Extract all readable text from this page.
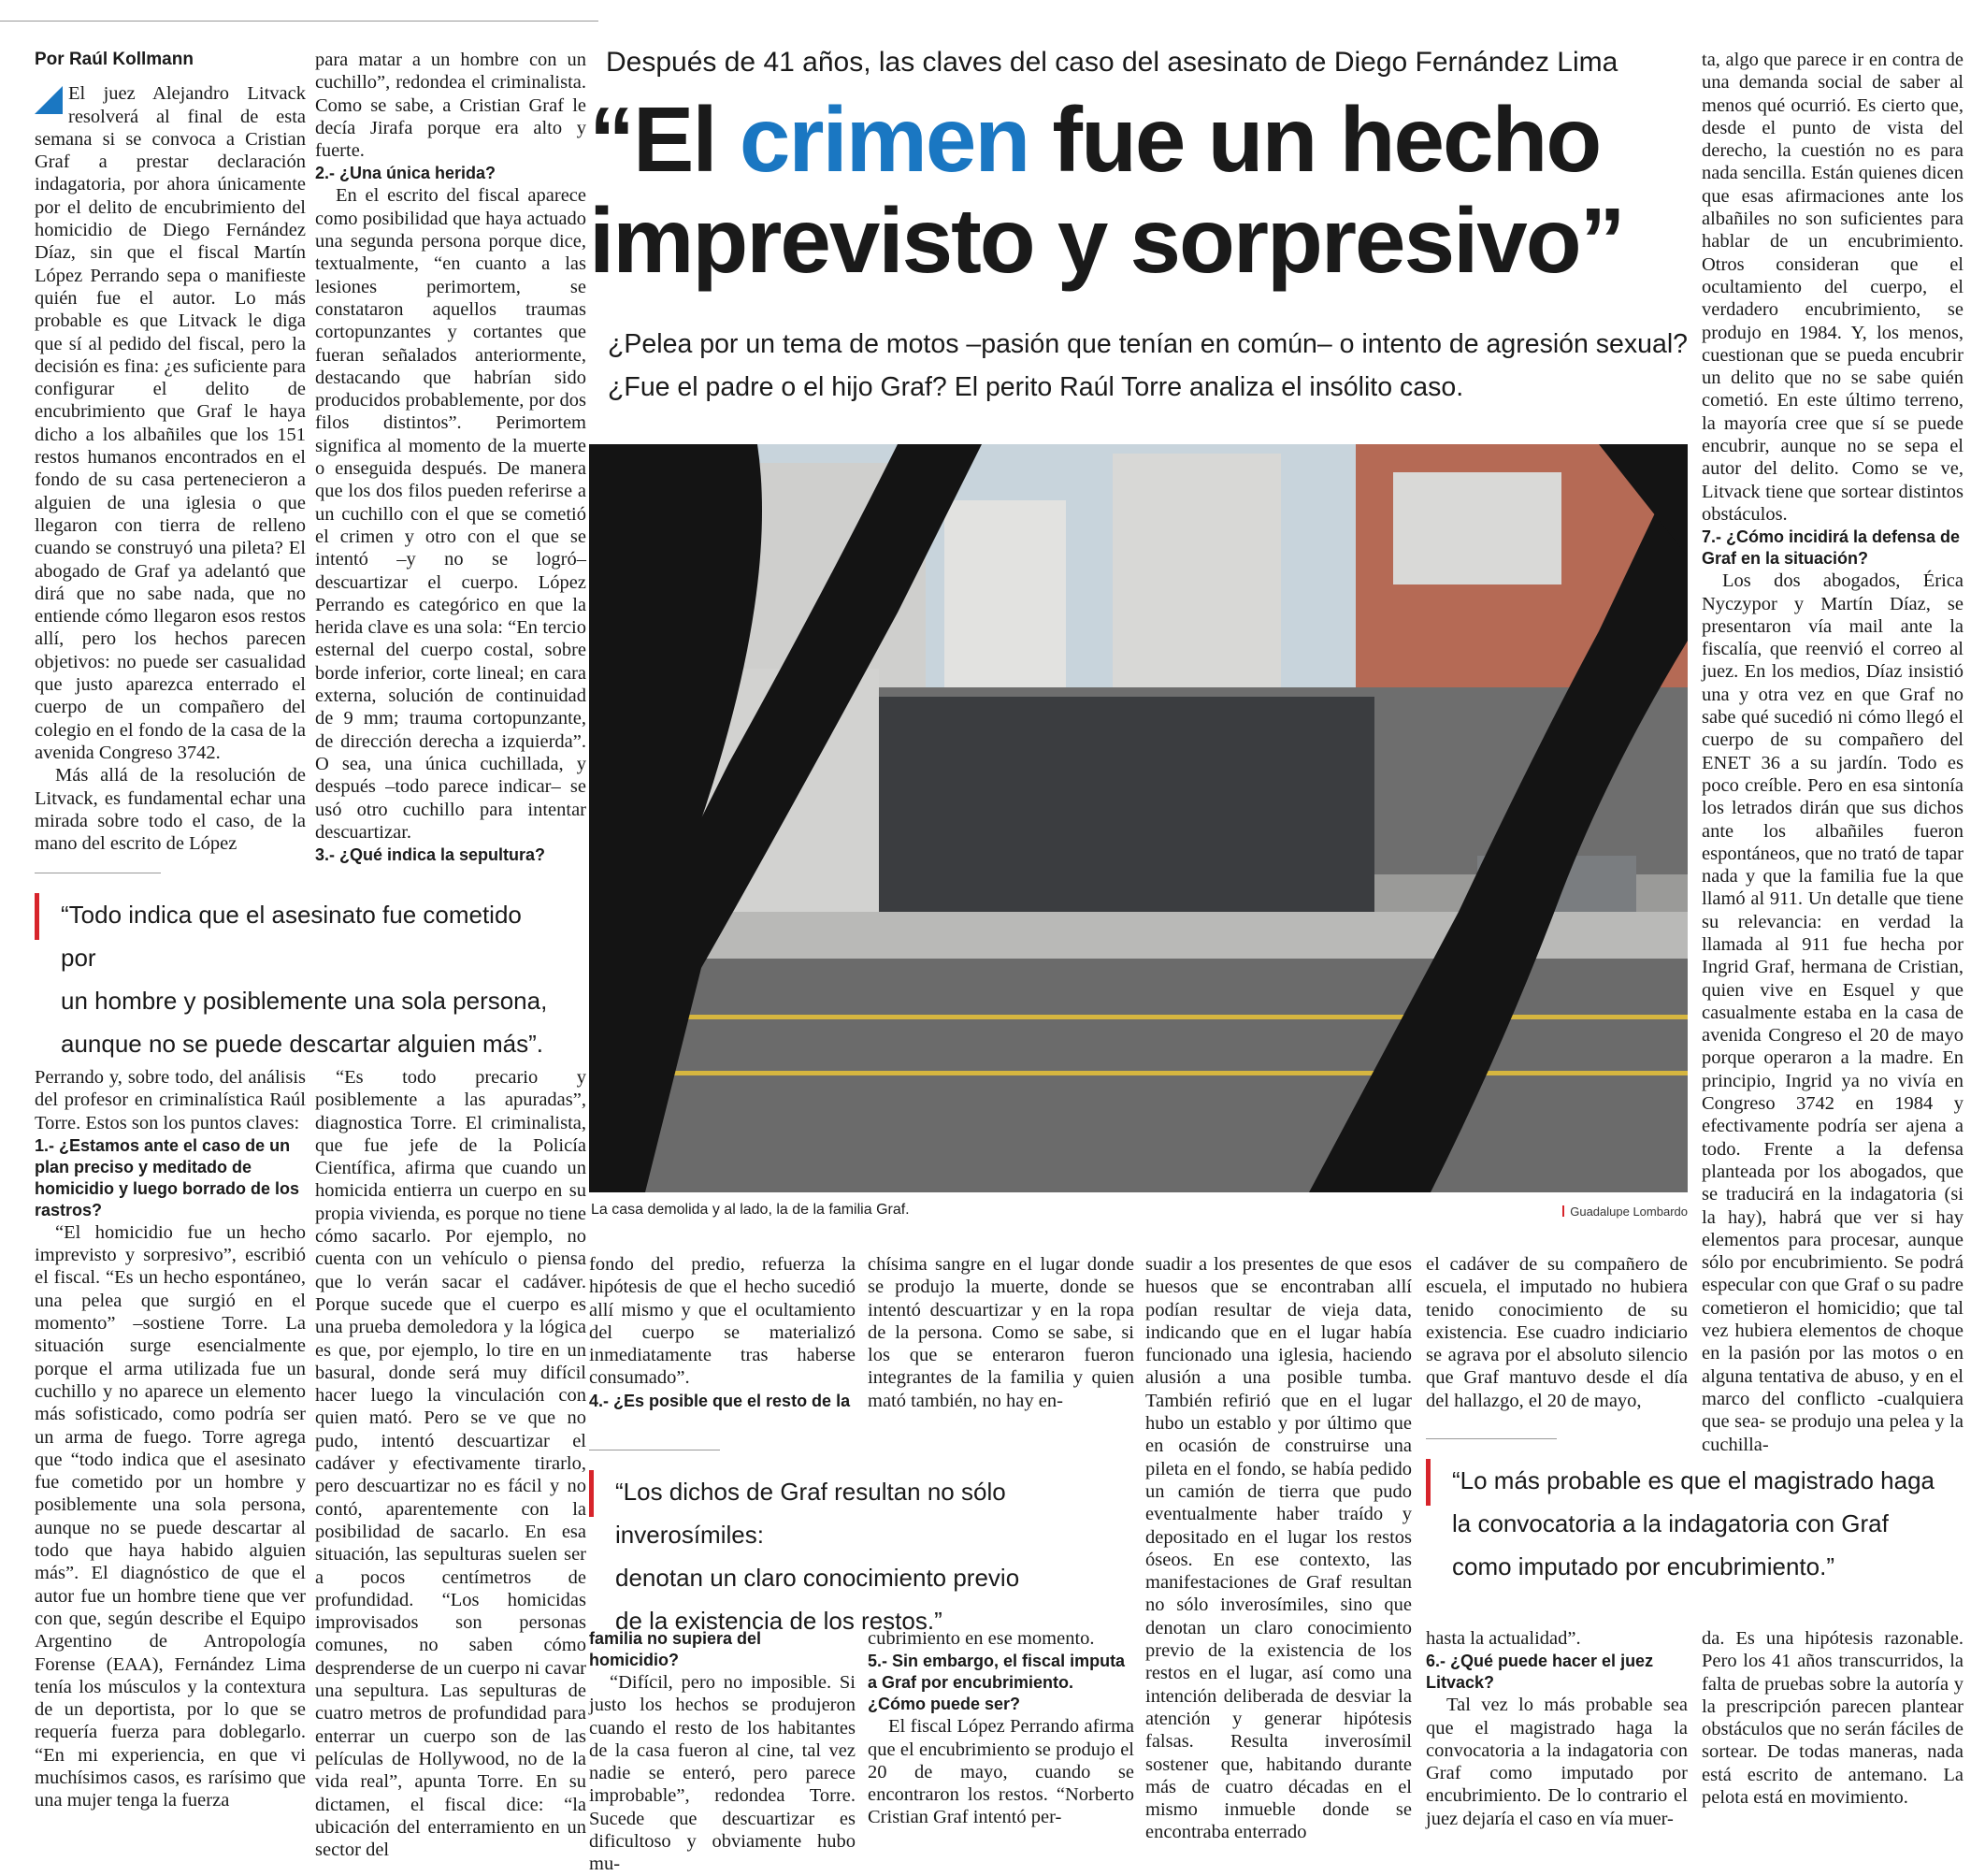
Por Raúl Kollmann

El juez Alejandro Litvack resolverá al final de esta semana si se convoca a Cristian Graf a prestar declaración indagatoria, por ahora únicamente por el delito de encubrimiento del homicidio de Diego Fernández Díaz, sin que el fiscal Martín López Perrando sepa o manifieste quién fue el autor. Lo más probable es que Litvack le diga que sí al pedido del fiscal, pero la decisión es fina: ¿es suficiente para configurar el delito de encubrimiento que Graf le haya dicho a los albañiles que los 151 restos humanos encontrados en el fondo de su casa pertenecieron a alguien de una iglesia o que llegaron con tierra de relleno cuando se construyó una pileta? El abogado de Graf ya adelantó que dirá que no sabe nada, que no entiende cómo llegaron esos restos allí, pero los hechos parecen objetivos: no puede ser casualidad que justo aparezca enterrado el cuerpo de un compañero del colegio en el fondo de la casa de la avenida Congreso 3742.

Más allá de la resolución de Litvack, es fundamental echar una mirada sobre todo el caso, de la mano del escrito de López

para matar a un hombre con un cuchillo”, redondea el criminalista. Como se sabe, a Cristian Graf le decía Jirafa porque era alto y fuerte.

2.- ¿Una única herida?

En el escrito del fiscal aparece como posibilidad que haya actuado una segunda persona porque dice, textualmente, “en cuanto a las lesiones perimortem, se constataron aquellos traumas cortopunzantes y cortantes que fueran señalados anteriormente, destacando que habrían sido producidos probablemente, por dos filos distintos”. Perimortem significa al momento de la muerte o enseguida después. De manera que los dos filos pueden referirse a un cuchillo con el que se cometió el crimen y otro con el que se intentó –y no se logró– descuartizar el cuerpo. López Perrando es categórico en que la herida clave es una sola: “En tercio esternal del cuerpo costal, sobre borde inferior, corte lineal; en cara externa, solución de continuidad de 9 mm; trauma cortopunzante, de dirección derecha a izquierda”. O sea, una única cuchillada, y después –todo parece indicar– se usó otro cuchillo para intentar descuartizar.

3.- ¿Qué indica la sepultura?
Después de 41 años, las claves del caso del asesinato de Diego Fernández Lima
“El crimen fue un hecho
imprevisto y sorpresivo”
¿Pelea por un tema de motos –pasión que tenían en común– o intento de agresión sexual?
¿Fue el padre o el hijo Graf? El perito Raúl Torre analiza el insólito caso.
La casa demolida y al lado, la de la familia Graf.	Guadalupe Lombardo
“Todo indica que el asesinato fue cometido por
un hombre y posiblemente una sola persona,
aunque no se puede descartar alguien más”.

Perrando y, sobre todo, del análisis del profesor en criminalística Raúl Torre. Estos son los puntos claves:

1.- ¿Estamos ante el caso de un plan preciso y meditado de homicidio y luego borrado de los rastros?

“El homicidio fue un hecho imprevisto y sorpresivo”, escribió el fiscal. “Es un hecho espontáneo, una pelea que surgió en el momento” –sostiene Torre. La situación surge esencialmente porque el arma utilizada fue un cuchillo y no aparece un elemento más sofisticado, como podría ser un arma de fuego. Torre agrega que “todo indica que el asesinato fue cometido por un hombre y posiblemente una sola persona, aunque no se puede descartar al todo que haya habido alguien más”. El diagnóstico de que el autor fue un hombre tiene que ver con que, según describe el Equipo Argentino de Antropología Forense (EAA), Fernández Lima tenía los músculos y la contextura de un deportista, por lo que se requería fuerza para doblegarlo. “En mi experiencia, en que vi muchísimos casos, es rarísimo que una mujer tenga la fuerza

“Es todo precario y posiblemente a las apuradas”, diagnostica Torre. El criminalista, que fue jefe de la Policía Científica, afirma que cuando un homicida entierra un cuerpo en su propia vivienda, es porque no tiene cómo sacarlo. Por ejemplo, no cuenta con un vehículo o piensa que lo verán sacar el cadáver. Porque sucede que el cuerpo es una prueba demoledora y la lógica es que, por ejemplo, lo tire en un basural, donde será muy difícil hacer luego la vinculación con quien mató. Pero se ve que no pudo, intentó descuartizar el cadáver y efectivamente tirarlo, pero descuartizar no es fácil y no contó, aparentemente con la posibilidad de sacarlo. En esa situación, las sepulturas suelen ser a pocos centímetros de profundidad. “Los homicidas improvisados son personas comunes, no saben cómo desprenderse de un cuerpo ni cavar una sepultura. Las sepulturas de cuatro metros de profundidad para enterrar un cuerpo son de las películas de Hollywood, no de la vida real”, apunta Torre. En su dictamen, el fiscal dice: “la ubicación del enterramiento en un sector del

fondo del predio, refuerza la hipótesis de que el hecho sucedió allí mismo y que el ocultamiento del cuerpo se materializó inmediatamente tras haberse consumado”.

4.- ¿Es posible que el resto de la

chísima sangre en el lugar donde se produjo la muerte, donde se intentó descuartizar y en la ropa de la persona. Como se sabe, si los que se enteraron fueron integrantes de la familia y quien mató también, no hay en-

“Los dichos de Graf resultan no sólo inverosímiles:
denotan un claro conocimiento previo
de la existencia de los restos.”
familia no supiera del homicidio?

“Difícil, pero no imposible. Si justo los hechos se produjeron cuando el resto de los habitantes de la casa fueron al cine, tal vez nadie se enteró, pero parece improbable”, redondea Torre. Sucede que descuartizar es dificultoso y obviamente hubo mu-

cubrimiento en ese momento.

5.- Sin embargo, el fiscal imputa a Graf por encubrimiento. ¿Cómo puede ser?

El fiscal López Perrando afirma que el encubrimiento se produjo el 20 de mayo, cuando se encontraron los restos. “Norberto Cristian Graf intentó per-

suadir a los presentes de que esos huesos que se encontraban allí podían resultar de vieja data, indicando que en el lugar había funcionado una iglesia, haciendo alusión a una posible tumba. También refirió que en el lugar hubo un establo y por último que en ocasión de construirse una pileta en el fondo, se había pedido un camión de tierra que pudo eventualmente haber traído y depositado en el lugar los restos óseos. En ese contexto, las manifestaciones de Graf resultan no sólo inverosímiles, sino que denotan un claro conocimiento previo de la existencia de los restos en el lugar, así como una intención deliberada de desviar la atención y generar hipótesis falsas. Resulta inverosímil sostener que, habitando durante más de cuatro décadas en el mismo inmueble donde se encontraba enterrado

el cadáver de su compañero de escuela, el imputado no hubiera tenido conocimiento de su existencia. Ese cuadro indiciario se agrava por el absoluto silencio que Graf mantuvo desde el día del hallazgo, el 20 de mayo,

“Lo más probable es que el magistrado haga
la convocatoria a la indagatoria con Graf
como imputado por encubrimiento.”

hasta la actualidad”.

6.- ¿Qué puede hacer el juez Litvack?

Tal vez lo más probable sea que el magistrado haga la convocatoria a la indagatoria con Graf como imputado por encubrimiento. De lo contrario el juez dejaría el caso en vía muer-

ta, algo que parece ir en contra de una demanda social de saber al menos qué ocurrió. Es cierto que, desde el punto de vista del derecho, la cuestión no es para nada sencilla. Están quienes dicen que esas afirmaciones ante los albañiles no son suficientes para hablar de un encubrimiento. Otros consideran que el ocultamiento del cuerpo, el verdadero encubrimiento, se produjo en 1984. Y, los menos, cuestionan que se pueda encubrir un delito que no se sabe quién cometió. En este último terreno, la mayoría cree que sí se puede encubrir, aunque no se sepa el autor del delito. Como se ve, Litvack tiene que sortear distintos obstáculos.

7.- ¿Cómo incidirá la defensa de Graf en la situación?

Los dos abogados, Érica Nyczypor y Martín Díaz, se presentaron vía mail ante la fiscalía, que reenvió el correo al juez. En los medios, Díaz insistió una y otra vez en que Graf no sabe qué sucedió ni cómo llegó el cuerpo de su compañero del ENET 36 a su jardín. Todo es poco creíble. Pero en esa sintonía los letrados dirán que sus dichos ante los albañiles fueron espontáneos, que no trató de tapar nada y que la familia fue la que llamó al 911. Un detalle que tiene su relevancia: en verdad la llamada al 911 fue hecha por Ingrid Graf, hermana de Cristian, quien vive en Esquel y que casualmente estaba en la casa de avenida Congreso el 20 de mayo porque operaron a la madre. En principio, Ingrid ya no vivía en Congreso 3742 en 1984 y efectivamente podría ser ajena a todo. Frente a la defensa planteada por los abogados, que se traducirá en la indagatoria (si la hay), habrá que ver si hay elementos para procesar, aunque sólo por encubrimiento. Se podrá especular con que Graf o su padre cometieron el homicidio; que tal vez hubiera elementos de choque en la pasión por las motos o en alguna tentativa de abuso, y en el marco del conflicto -cualquiera que sea- se produjo una pelea y la cuchilla-

da. Es una hipótesis razonable. Pero los 41 años transcurridos, la falta de pruebas sobre la autoría y la prescripción parecen plantear obstáculos que no serán fáciles de sortear. De todas maneras, nada está escrito de antemano. La pelota está en movimiento.
